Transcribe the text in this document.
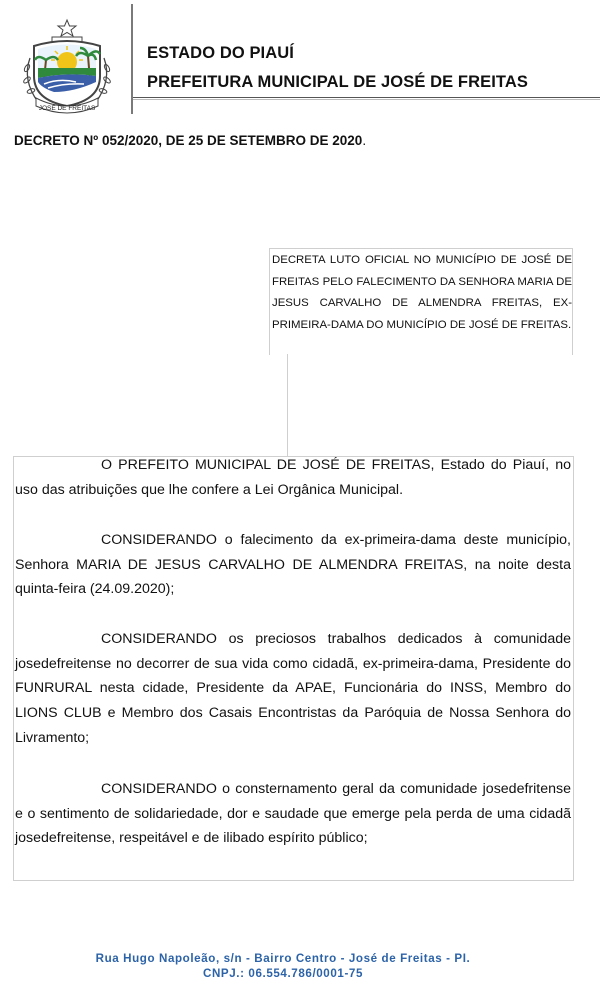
JOSÉ DE FREITAS
ESTADO DO PIAUÍ
PREFEITURA MUNICIPAL DE JOSÉ DE FREITAS
DECRETO Nº 052/2020, DE 25 DE SETEMBRO DE 2020.
DECRETA LUTO OFICIAL NO MUNICÍPIO DE JOSÉ DE FREITAS PELO FALECIMENTO DA SENHORA MARIA DE JESUS CARVALHO DE ALMENDRA FREITAS, EX-PRIMEIRA-DAMA DO MUNICÍPIO DE JOSÉ DE FREITAS.
O PREFEITO MUNICIPAL DE JOSÉ DE FREITAS, Estado do Piauí, no uso das atribuições que lhe confere a Lei Orgânica Municipal.
CONSIDERANDO o falecimento da ex-primeira-dama deste município, Senhora MARIA DE JESUS CARVALHO DE ALMENDRA FREITAS, na noite desta quinta-feira (24.09.2020);
CONSIDERANDO os preciosos trabalhos dedicados à comunidade josedefreitense no decorrer de sua vida como cidadã, ex-primeira-dama, Presidente do FUNRURAL nesta cidade, Presidente da APAE, Funcionária do INSS, Membro do LIONS CLUB e Membro dos Casais Encontristas da Paróquia de Nossa Senhora do Livramento;
CONSIDERANDO o consternamento geral da comunidade josedefritense e o sentimento de solidariedade, dor e saudade que emerge pela perda de uma cidadã josedefreitense, respeitável e de ilibado espírito público;
Rua Hugo Napoleão, s/n - Bairro Centro - José de Freitas - PI.
CNPJ.: 06.554.786/0001-75
